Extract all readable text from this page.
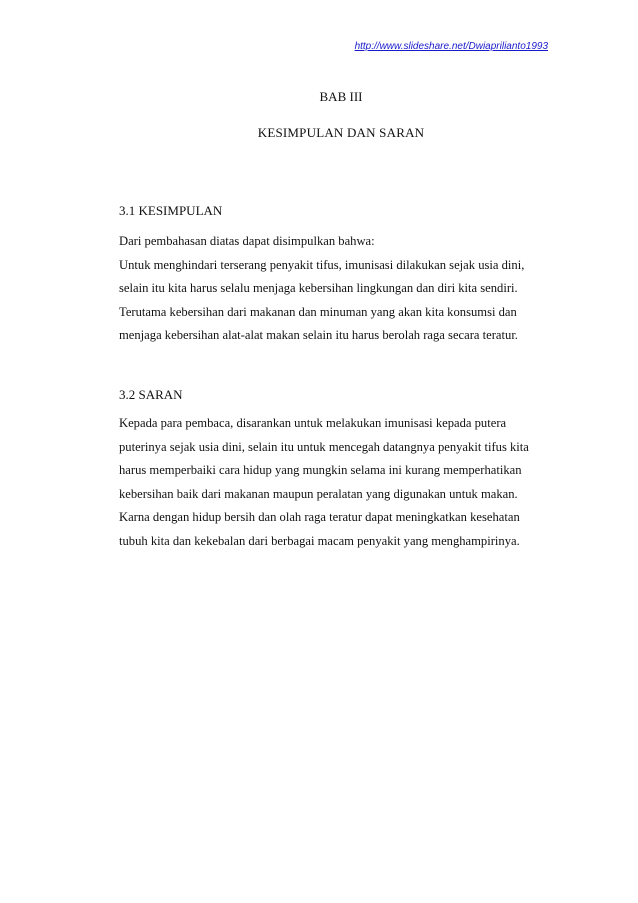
http://www.slideshare.net/Dwiaprilianto1993
BAB III
KESIMPULAN DAN SARAN
3.1 KESIMPULAN
Dari pembahasan diatas dapat disimpulkan bahwa:
Untuk menghindari terserang penyakit tifus, imunisasi dilakukan sejak usia dini,
selain itu kita harus selalu menjaga kebersihan lingkungan dan diri kita sendiri.
Terutama kebersihan dari makanan dan minuman yang akan kita konsumsi dan
menjaga kebersihan alat-alat makan selain itu harus berolah raga secara teratur.
3.2 SARAN
Kepada para pembaca, disarankan untuk melakukan imunisasi kepada putera
puterinya sejak usia dini, selain itu untuk mencegah datangnya penyakit tifus kita
harus memperbaiki cara hidup yang mungkin selama ini kurang memperhatikan
kebersihan baik dari makanan maupun peralatan yang digunakan untuk makan.
Karna dengan hidup bersih dan olah raga teratur dapat meningkatkan kesehatan
tubuh kita dan kekebalan dari berbagai macam penyakit yang menghampirinya.
